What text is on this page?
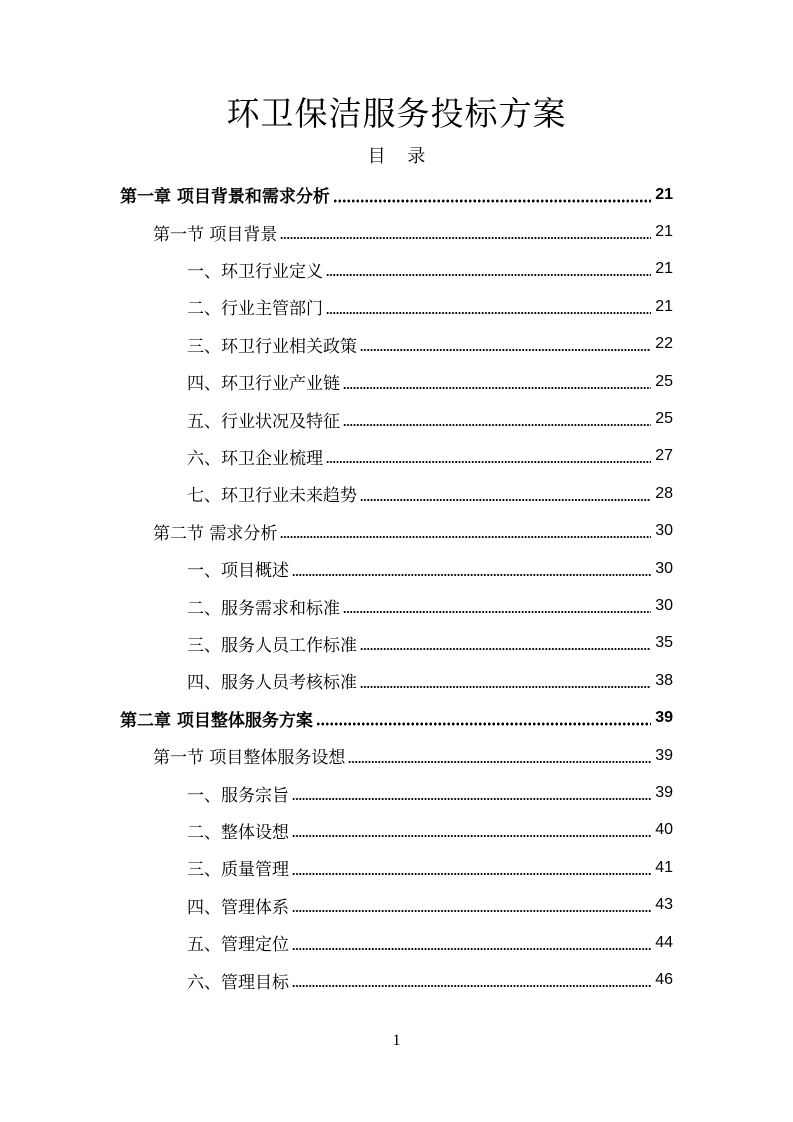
环卫保洁服务投标方案
目 录
第一章 项目背景和需求分析	21
第一节 项目背景	21
一、环卫行业定义	21
二、行业主管部门	21
三、环卫行业相关政策	22
四、环卫行业产业链	25
五、行业状况及特征	25
六、环卫企业梳理	27
七、环卫行业未来趋势	28
第二节 需求分析	30
一、项目概述	30
二、服务需求和标准	30
三、服务人员工作标准	35
四、服务人员考核标准	38
第二章 项目整体服务方案	39
第一节 项目整体服务设想	39
一、服务宗旨	39
二、整体设想	40
三、质量管理	41
四、管理体系	43
五、管理定位	44
六、管理目标	46
1
